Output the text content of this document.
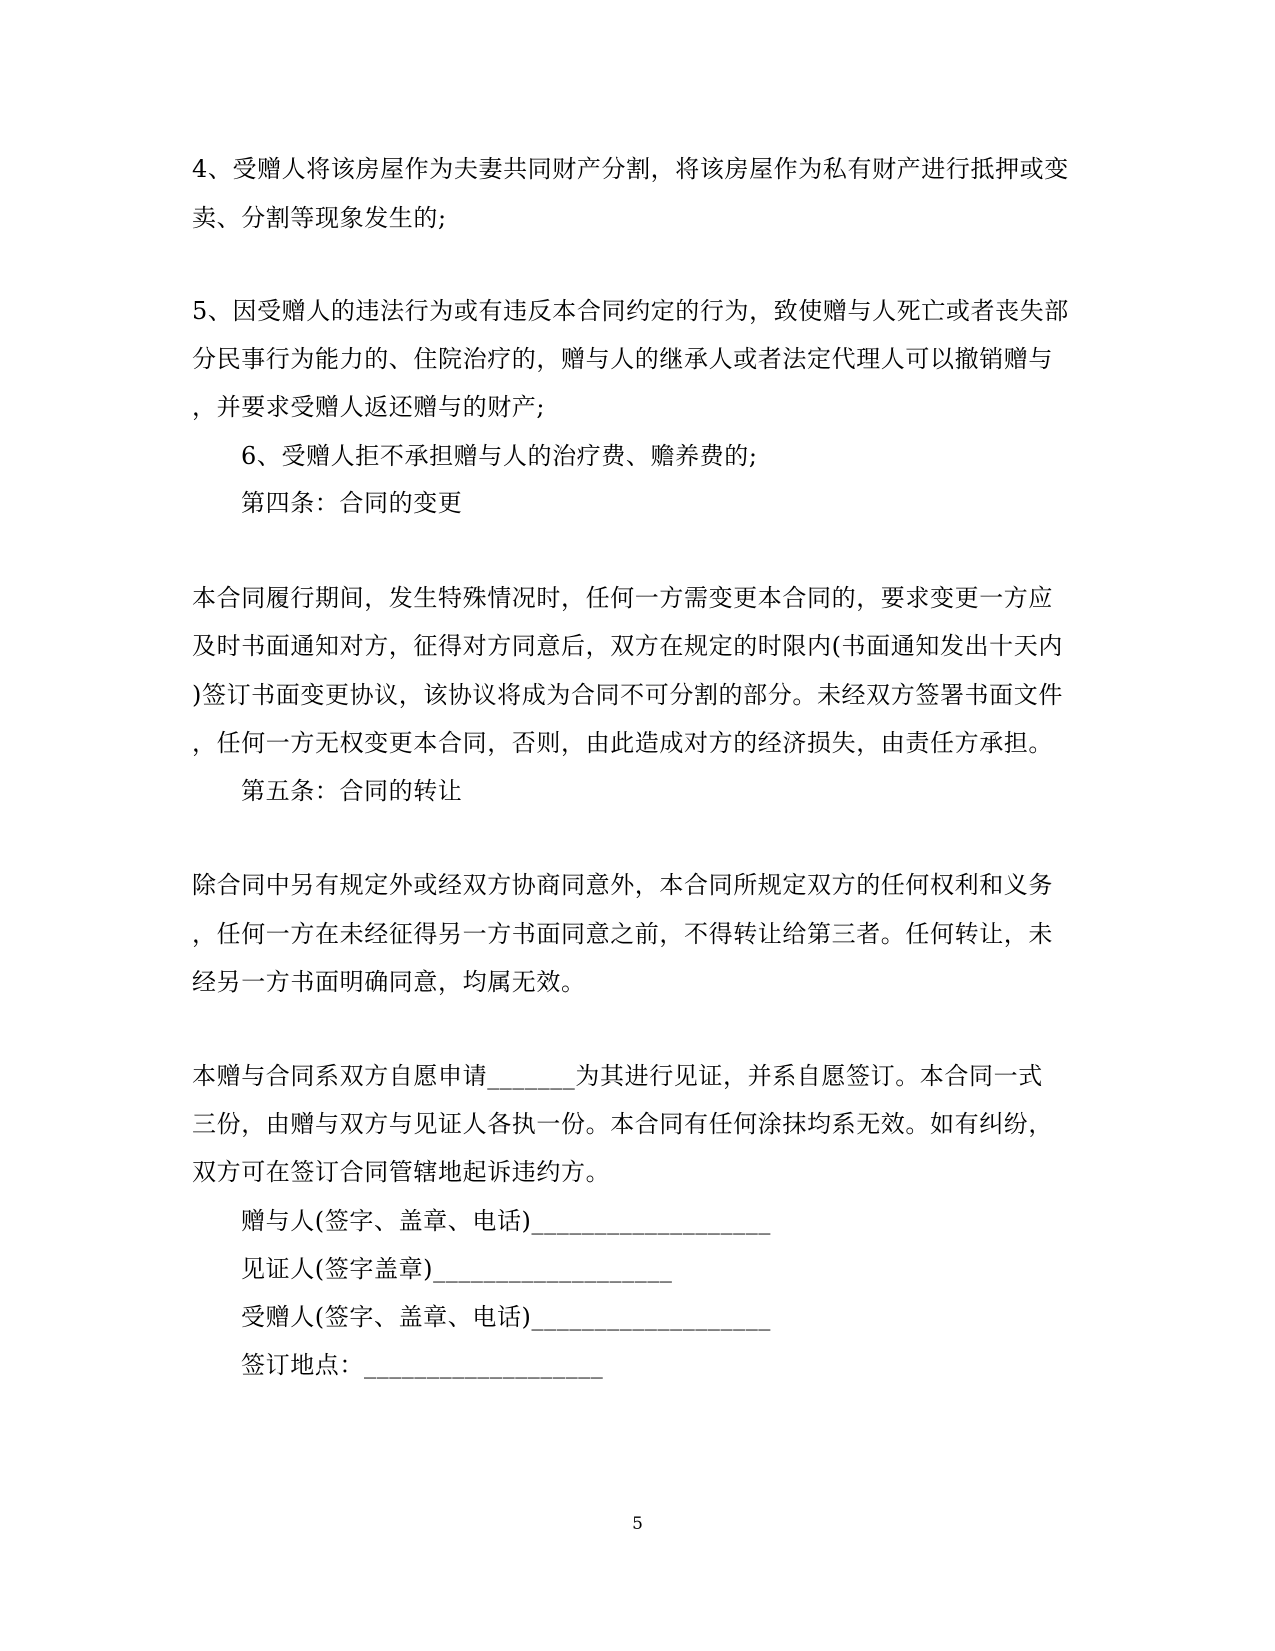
4、受赠人将该房屋作为夫妻共同财产分割，将该房屋作为私有财产进行抵押或变
卖、分割等现象发生的;
5、因受赠人的违法行为或有违反本合同约定的行为，致使赠与人死亡或者丧失部
分民事行为能力的、住院治疗的，赠与人的继承人或者法定代理人可以撤销赠与
，并要求受赠人返还赠与的财产;
6、受赠人拒不承担赠与人的治疗费、赡养费的;
第四条：合同的变更
本合同履行期间，发生特殊情况时，任何一方需变更本合同的，要求变更一方应
及时书面通知对方，征得对方同意后，双方在规定的时限内(书面通知发出十天内
)签订书面变更协议，该协议将成为合同不可分割的部分。未经双方签署书面文件
，任何一方无权变更本合同，否则，由此造成对方的经济损失，由责任方承担。
第五条：合同的转让
除合同中另有规定外或经双方协商同意外，本合同所规定双方的任何权利和义务
，任何一方在未经征得另一方书面同意之前，不得转让给第三者。任何转让，未
经另一方书面明确同意，均属无效。
本赠与合同系双方自愿申请_______为其进行见证，并系自愿签订。本合同一式
三份，由赠与双方与见证人各执一份。本合同有任何涂抹均系无效。如有纠纷，
双方可在签订合同管辖地起诉违约方。
赠与人(签字、盖章、电话)___________________
见证人(签字盖章)___________________
受赠人(签字、盖章、电话)___________________
签订地点：___________________
5
